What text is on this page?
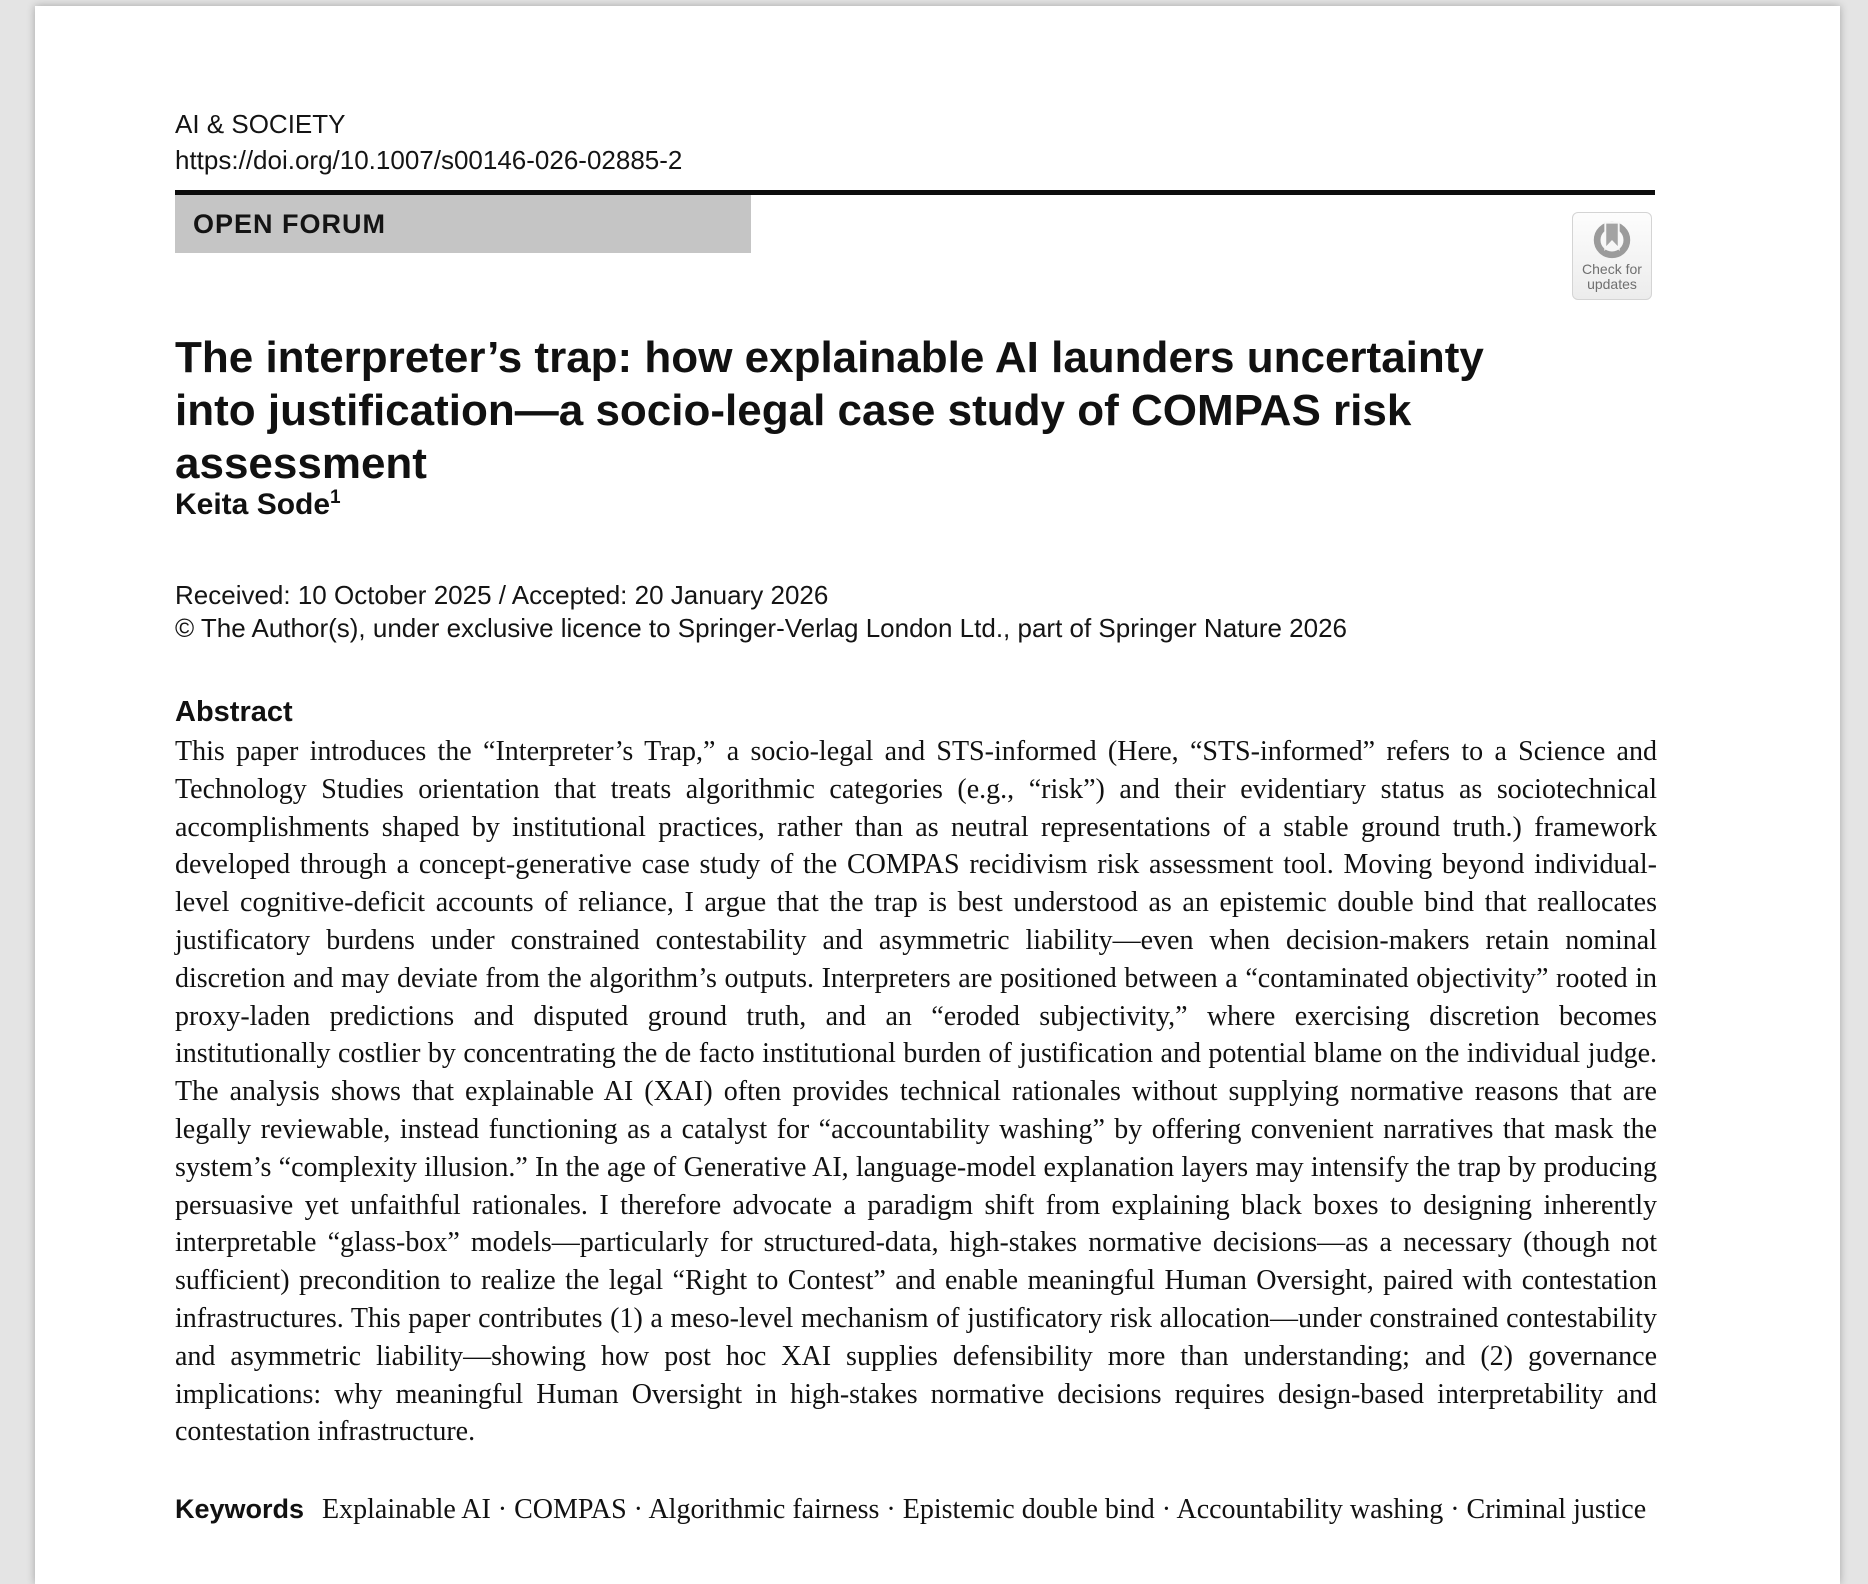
AI & SOCIETY
https://doi.org/10.1007/s00146-026-02885-2
OPEN FORUM
Check for
updates
The interpreter’s trap: how explainable AI launders uncertainty
into justification—a socio-legal case study of COMPAS risk assessment
Keita Sode$^1$
Received: 10 October 2025 / Accepted: 20 January 2026
© The Author(s), under exclusive licence to Springer-Verlag London Ltd., part of Springer Nature 2026
Abstract
This paper introduces the “Interpreter’s Trap,” a socio-legal and STS-informed (Here, “STS-informed” refers to a Science and Technology Studies orientation that treats algorithmic categories (e.g., “risk”) and their evidentiary status as sociotechnical accomplishments shaped by institutional practices, rather than as neutral representations of a stable ground truth.) framework developed through a concept-generative case study of the COMPAS recidivism risk assessment tool. Moving beyond individual-level cognitive-deficit accounts of reliance, I argue that the trap is best understood as an epistemic double bind that reallocates justificatory burdens under constrained contestability and asymmetric liability—even when decision-makers retain nominal discretion and may deviate from the algorithm’s outputs. Interpreters are positioned between a “contaminated objectivity” rooted in proxy-laden predictions and disputed ground truth, and an “eroded subjectivity,” where exercising discretion becomes institutionally costlier by concentrating the de facto institutional burden of justification and potential blame on the individual judge. The analysis shows that explainable AI (XAI) often provides technical rationales without supplying normative reasons that are legally reviewable, instead functioning as a catalyst for “accountability washing” by offering convenient narratives that mask the system’s “complexity illusion.” In the age of Generative AI, language-model explanation layers may intensify the trap by producing persuasive yet unfaithful rationales. I therefore advocate a paradigm shift from explaining black boxes to designing inherently interpretable “glass-box” models—particularly for structured-data, high-stakes normative decisions—as a necessary (though not sufficient) precondition to realize the legal “Right to Contest” and enable meaningful Human Oversight, paired with contestation infrastructures. This paper contributes (1) a meso-level mechanism of justificatory risk allocation—under constrained contestability and asymmetric liability—showing how post hoc XAI supplies defensibility more than understanding; and (2) governance implications: why meaningful Human Oversight in high-stakes normative decisions requires design-based interpretability and contestation infrastructure.
Keywords Explainable AI · COMPAS · Algorithmic fairness · Epistemic double bind · Accountability washing · Criminal justice
